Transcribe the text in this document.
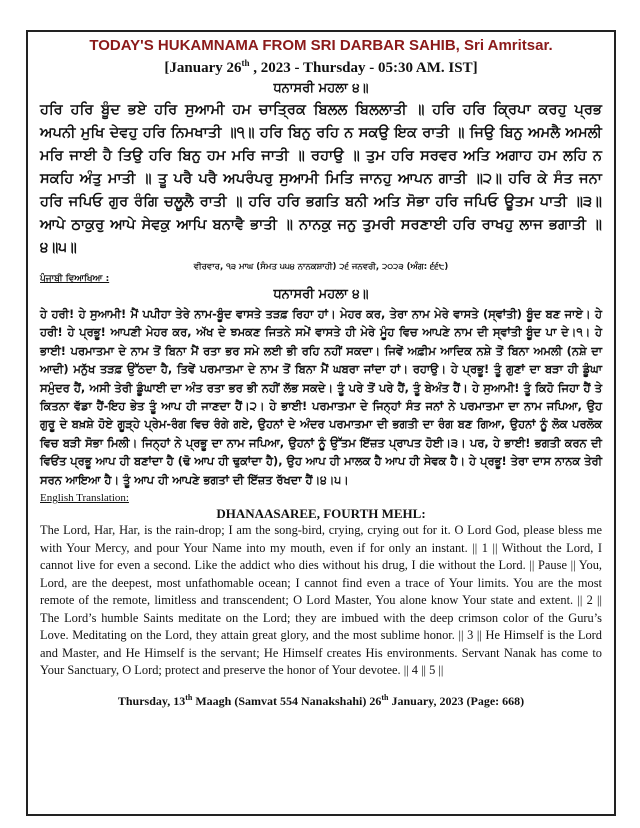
TODAY'S HUKAMNAMA FROM SRI DARBAR SAHIB, Sri Amritsar.
[January 26th , 2023 - Thursday - 05:30 AM. IST]
ਧਨਾਸਰੀ ਮਹਲਾ ੪॥
ਹਰਿ ਹਰਿ ਬੂੰਦ ਭਏ ਹਰਿ ਸੁਆਮੀ ਹਮ ਚਾਤ੍ਰਿਕ ਬਿਲਲ ਬਿਲਲਾਤੀ ॥ ਹਰਿ ਹਰਿ ਕ੍ਰਿਪਾ ਕਰਹੁ ਪ੍ਰਭ ਅਪਨੀ ਮੁਖਿ ਦੇਵਹੁ ਹਰਿ ਨਿਮਖਾਤੀ ॥੧॥ ਹਰਿ ਬਿਨੁ ਰਹਿ ਨ ਸਕਉ ਇਕ ਰਾਤੀ ॥ ਜਿਉ ਬਿਨੁ ਅਮਲੈ ਅਮਲੀ ਮਰਿ ਜਾਈ ਹੈ ਤਿਉ ਹਰਿ ਬਿਨੁ ਹਮ ਮਰਿ ਜਾਤੀ ॥ ਰਹਾਉ ॥ ਤੁਮ ਹਰਿ ਸਰਵਰ ਅਤਿ ਅਗਾਹ ਹਮ ਲਹਿ ਨ ਸਕਹਿ ਅੰਤੁ ਮਾਤੀ ॥ ਤੂ ਪਰੈ ਪਰੈ ਅਪਰੰਪਰੁ ਸੁਆਮੀ ਮਿਤਿ ਜਾਨਹੁ ਆਪਨ ਗਾਤੀ ॥੨॥ ਹਰਿ ਕੇ ਸੰਤ ਜਨਾ ਹਰਿ ਜਪਿਓ ਗੁਰ ਰੰਗਿ ਚਲੂਲੈ ਰਾਤੀ ॥ ਹਰਿ ਹਰਿ ਭਗਤਿ ਬਨੀ ਅਤਿ ਸੋਭਾ ਹਰਿ ਜਪਿਓ ਊਤਮ ਪਾਤੀ ॥੩॥ ਆਪੇ ਠਾਕੁਰੁ ਆਪੇ ਸੇਵਕੁ ਆਪਿ ਬਨਾਵੈ ਭਾਤੀ ॥ ਨਾਨਕੁ ਜਨੁ ਤੁਮਰੀ ਸਰਣਾਈ ਹਰਿ ਰਾਖਹੁ ਲਾਜ ਭਗਾਤੀ ॥੪॥੫॥
ਵੀਰਵਾਰ, ੧੩ ਮਾਘ (ਸੰਮਤ ੫੫੪ ਨਾਨਕਸ਼ਾਹੀ) ੨੬ ਜਨਵਰੀ, ੨੦੨੩ (ਅੰਗ: ੬੬੮)
ਪੰਜਾਬੀ ਵਿਆਖਿਆ :
ਧਨਾਸਰੀ ਮਹਲਾ ੪॥
ਹੇ ਹਰੀ! ਹੇ ਸੁਆਮੀ! ਮੈਂ ਪਪੀਹਾ ਤੇਰੇ ਨਾਮ-ਬੂੰਦ ਵਾਸਤੇ ਤੜਫ਼ ਰਿਹਾ ਹਾਂ। ਮੇਹਰ ਕਰ, ਤੇਰਾ ਨਾਮ ਮੇਰੇ ਵਾਸਤੇ (ਸ੍ਵਾਂਤੀ) ਬੂੰਦ ਬਣ ਜਾਏ। ਹੇ ਹਰੀ! ਹੇ ਪ੍ਰਭੂ! ਆਪਣੀ ਮੇਹਰ ਕਰ, ਅੱਖ ਦੇ ਝਮਕਣ ਜਿਤਨੇ ਸਮੇਂ ਵਾਸਤੇ ਹੀ ਮੇਰੇ ਮੂੰਹ ਵਿਚ ਆਪਣੇ ਨਾਮ ਦੀ ਸ੍ਵਾਂਤੀ ਬੂੰਦ ਪਾ ਦੇ।੧। ਹੇ ਭਾਈ! ਪਰਮਾਤਮਾ ਦੇ ਨਾਮ ਤੋਂ ਬਿਨਾ ਮੈਂ ਰਤਾ ਭਰ ਸਮੇ ਲਈ ਭੀ ਰਹਿ ਨਹੀਂ ਸਕਦਾ। ਜਿਵੇਂ ਅਫ਼ੀਮ ਆਦਿਕ ਨਸ਼ੇ ਤੋਂ ਬਿਨਾ ਅਮਲੀ (ਨਸ਼ੇ ਦਾ ਆਦੀ) ਮਨੁੱਖ ਤੜਫ਼ ਉੱਠਦਾ ਹੈ, ਤਿਵੇਂ ਪਰਮਾਤਮਾ ਦੇ ਨਾਮ ਤੋਂ ਬਿਨਾ ਮੈਂ ਘਬਰਾ ਜਾਂਦਾ ਹਾਂ। ਰਹਾਉ। ਹੇ ਪ੍ਰਭੂ! ਤੂੰ ਗੁਣਾਂ ਦਾ ਬੜਾ ਹੀ ਡੂੰਘਾ ਸਮੁੰਦਰ ਹੈਂ, ਅਸੀ ਤੇਰੀ ਡੂੰਘਾਈ ਦਾ ਅੰਤ ਰਤਾ ਭਰ ਭੀ ਨਹੀਂ ਲੱਭ ਸਕਦੇ। ਤੂੰ ਪਰੇ ਤੋਂ ਪਰੇ ਹੈਂ, ਤੂੰ ਬੇਅੰਤ ਹੈਂ। ਹੇ ਸੁਆਮੀ! ਤੂੰ ਕਿਹੋ ਜਿਹਾ ਹੈਂ ਤੇ ਕਿਤਨਾ ਵੱਡਾ ਹੈਂ-ਇਹ ਭੇਤ ਤੂੰ ਆਪ ਹੀ ਜਾਣਦਾ ਹੈਂ।੨। ਹੇ ਭਾਈ! ਪਰਮਾਤਮਾ ਦੇ ਜਿਨ੍ਹਾਂ ਸੰਤ ਜਨਾਂ ਨੇ ਪਰਮਾਤਮਾ ਦਾ ਨਾਮ ਜਪਿਆ, ਉਹ ਗੁਰੂ ਦੇ ਬਖ਼ਸ਼ੇ ਹੋਏ ਗੂੜ੍ਹੇ ਪ੍ਰੇਮ-ਰੰਗ ਵਿਚ ਰੰਗੇ ਗਏ, ਉਹਨਾਂ ਦੇ ਅੰਦਰ ਪਰਮਾਤਮਾ ਦੀ ਭਗਤੀ ਦਾ ਰੰਗ ਬਣ ਗਿਆ, ਉਹਨਾਂ ਨੂੰ ਲੋਕ ਪਰਲੋਕ ਵਿਚ ਬੜੀ ਸੋਭਾ ਮਿਲੀ। ਜਿਨ੍ਹਾਂ ਨੇ ਪ੍ਰਭੂ ਦਾ ਨਾਮ ਜਪਿਆ, ਉਹਨਾਂ ਨੂੰ ਉੱਤਮ ਇੱਜ਼ਤ ਪ੍ਰਾਪਤ ਹੋਈ।੩। ਪਰ, ਹੇ ਭਾਈ! ਭਗਤੀ ਕਰਨ ਦੀ ਵਿਓਂਤ ਪ੍ਰਭੂ ਆਪ ਹੀ ਬਣਾਂਦਾ ਹੈ (ਢੋ ਆਪ ਹੀ ਢੁਕਾਂਦਾ ਹੈ), ਉਹ ਆਪ ਹੀ ਮਾਲਕ ਹੈ ਆਪ ਹੀ ਸੇਵਕ ਹੈ। ਹੇ ਪ੍ਰਭੂ! ਤੇਰਾ ਦਾਸ ਨਾਨਕ ਤੇਰੀ ਸਰਨ ਆਇਆ ਹੈ। ਤੂੰ ਆਪ ਹੀ ਆਪਣੇ ਭਗਤਾਂ ਦੀ ਇੱਜ਼ਤ ਰੱਖਦਾ ਹੈਂ।੪।੫।
English Translation:
DHANAASAREE, FOURTH MEHL:
The Lord, Har, Har, is the rain-drop; I am the song-bird, crying, crying out for it. O Lord God, please bless me with Your Mercy, and pour Your Name into my mouth, even if for only an instant. || 1 || Without the Lord, I cannot live for even a second. Like the addict who dies without his drug, I die without the Lord. || Pause || You, Lord, are the deepest, most unfathomable ocean; I cannot find even a trace of Your limits. You are the most remote of the remote, limitless and transcendent; O Lord Master, You alone know Your state and extent. || 2 || The Lord’s humble Saints meditate on the Lord; they are imbued with the deep crimson color of the Guru’s Love. Meditating on the Lord, they attain great glory, and the most sublime honor. || 3 || He Himself is the Lord and Master, and He Himself is the servant; He Himself creates His environments. Servant Nanak has come to Your Sanctuary, O Lord; protect and preserve the honor of Your devotee. || 4 || 5 ||
Thursday, 13th Maagh (Samvat 554 Nanakshahi) 26th January, 2023 (Page: 668)
